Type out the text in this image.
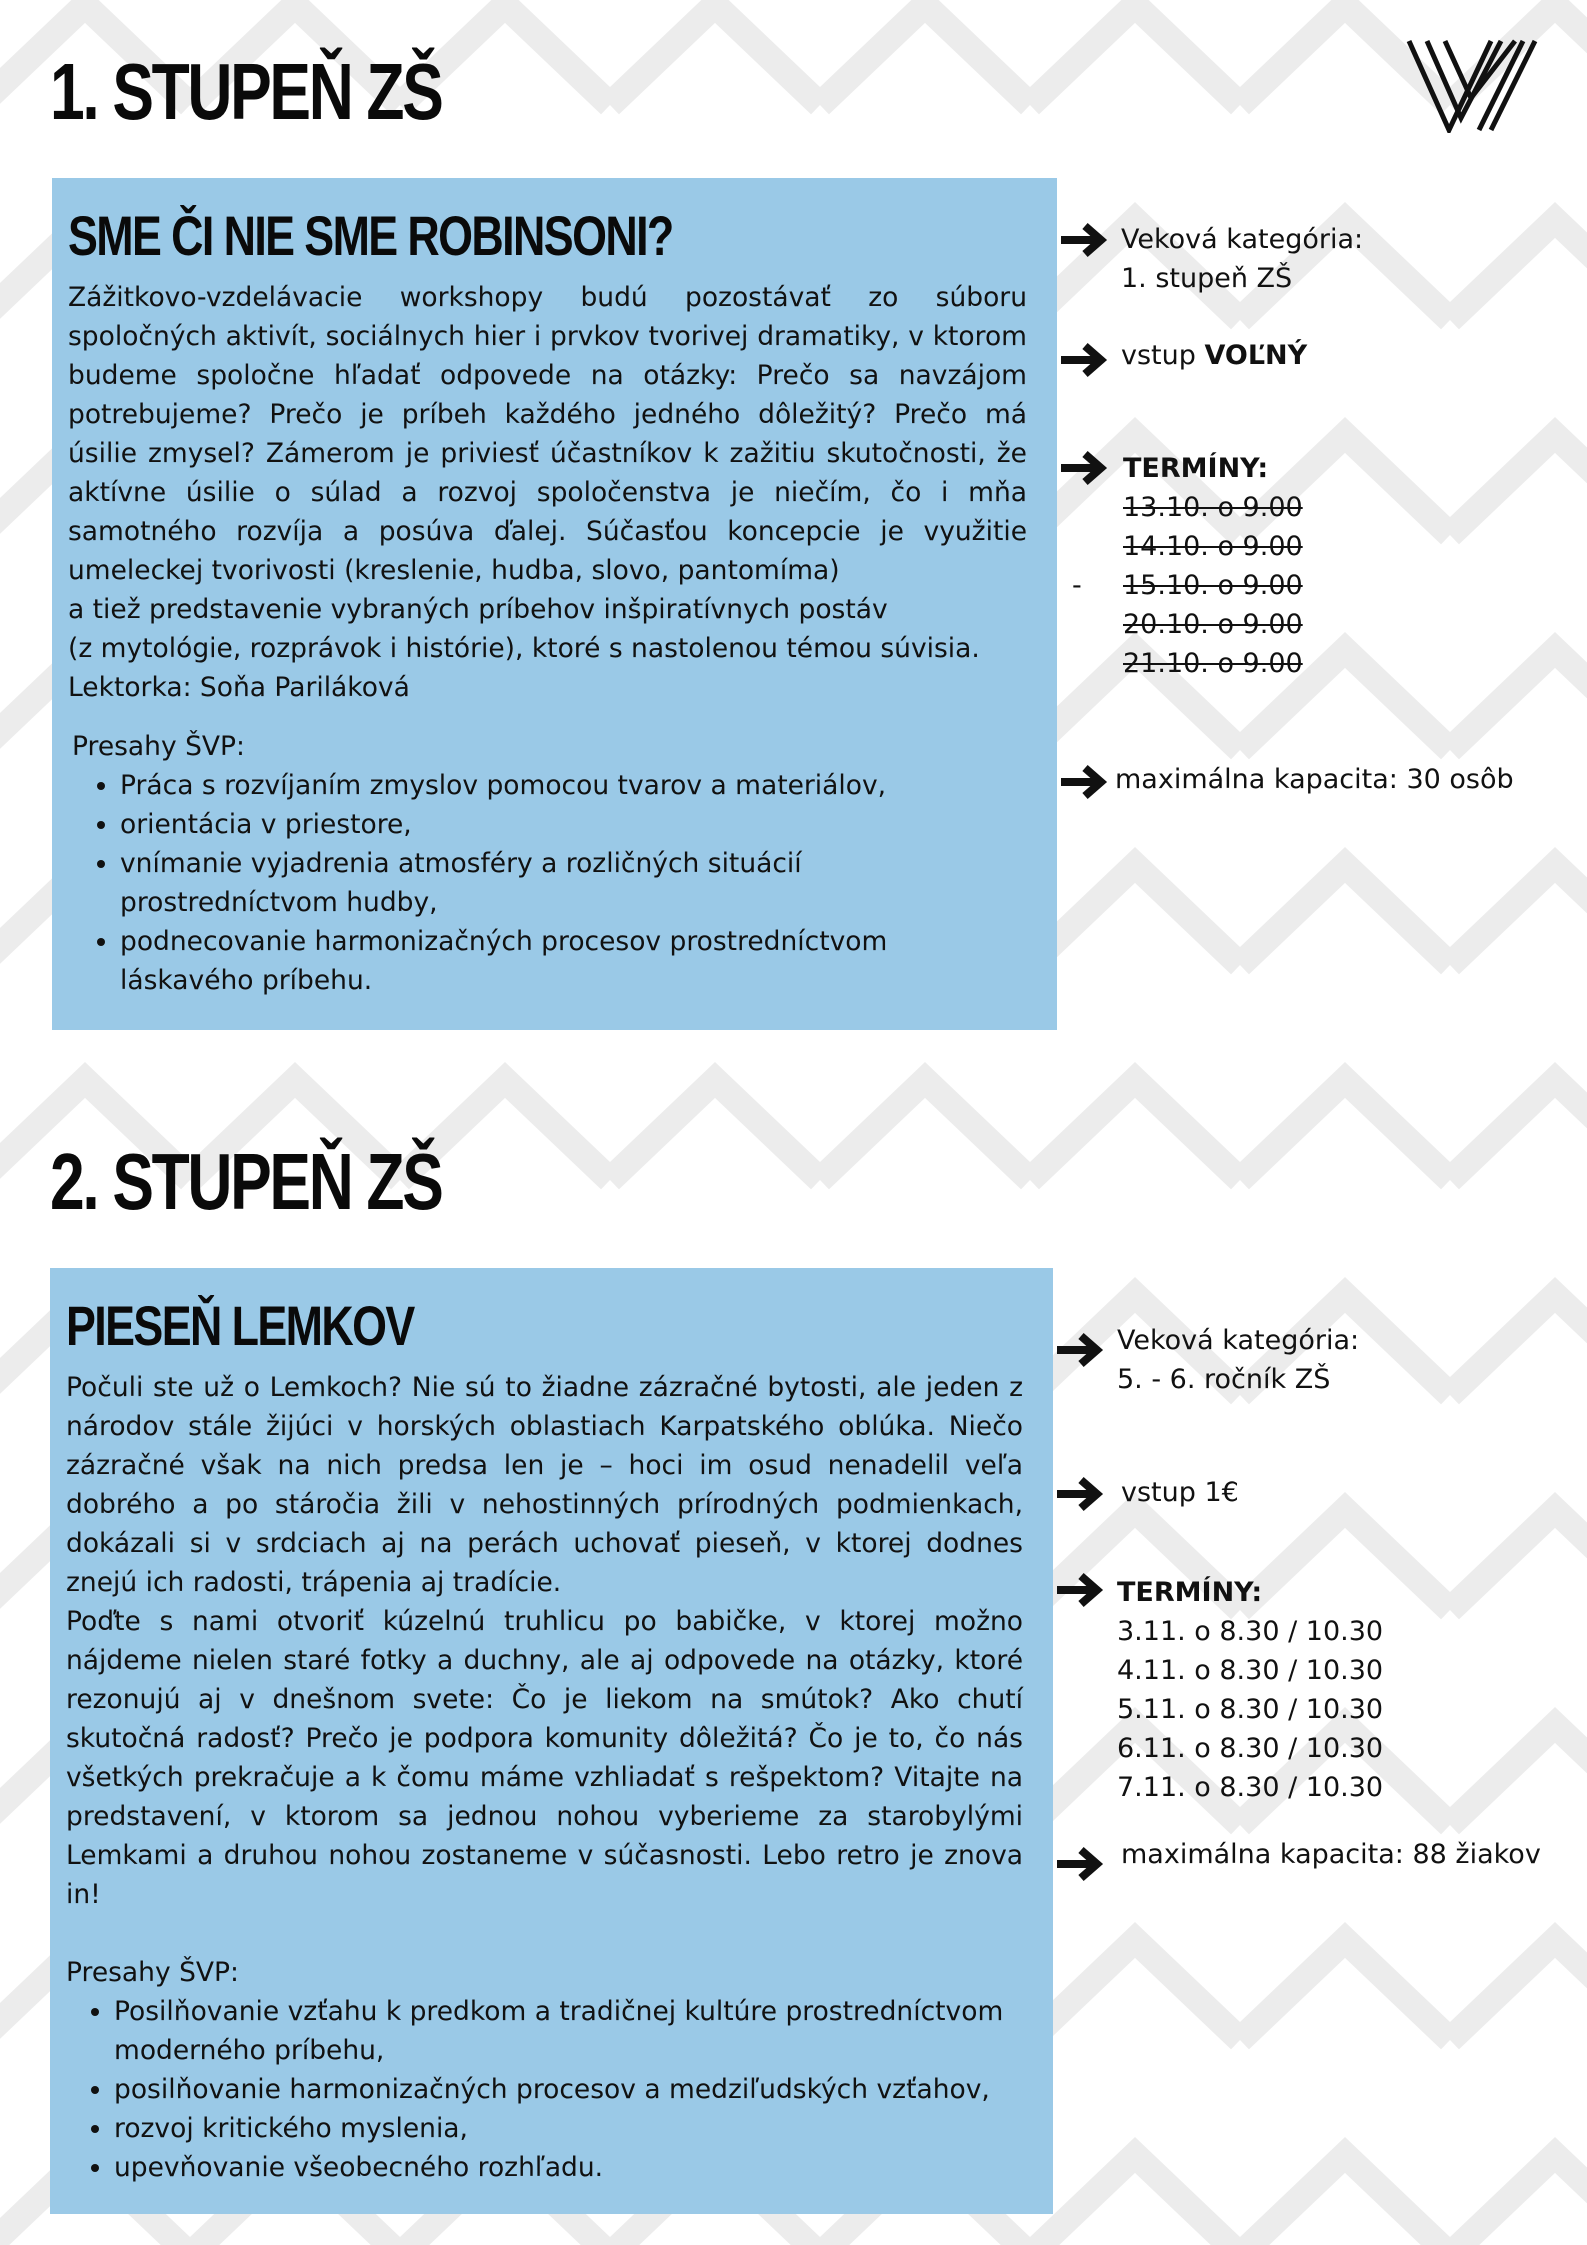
1. STUPEŇ ZŠ
SME ČI NIE SME ROBINSONI?

Zážitkovo-vzdelávacie workshopy budú pozostávať zo súboru spoločných aktivít, sociálnych hier i prvkov tvorivej dramatiky, v ktorom budeme spoločne hľadať odpovede na otázky: Prečo sa navzájom potrebujeme? Prečo je príbeh každého jedného dôležitý? Prečo má úsilie zmysel? Zámerom je priviesť účastníkov k zažitiu skutočnosti, že aktívne úsilie o súlad a rozvoj spoločenstva je niečím, čo i mňa samotného rozvíja a posúva ďalej. Súčasťou koncepcie je využitie umeleckej tvorivosti (kreslenie, hudba, slovo, pantomíma)
a tiež predstavenie vybraných príbehov inšpiratívnych postáv
(z mytológie, rozprávok i histórie), ktoré s nastolenou témou súvisia.
Lektorka: Soňa Pariláková

Presahy ŠVP:

• Práca s rozvíjaním zmyslov pomocou tvarov a materiálov,
• orientácia v priestore,
• vnímanie vyjadrenia atmosféry a rozličných situácií prostredníctvom hudby,
• podnecovanie harmonizačných procesov prostredníctvom láskavého príbehu.
Veková kategória:
1. stupeň ZŠ
vstup VOĽNÝ
TERMÍNY:
13.10. o 9.00
14.10. o 9.00
15.10. o 9.00
20.10. o 9.00
21.10. o 9.00
-
maximálna kapacita: 30 osôb
2. STUPEŇ ZŠ
PIESEŇ LEMKOV

Počuli ste už o Lemkoch? Nie sú to žiadne zázračné bytosti, ale jeden z národov stále žijúci v horských oblastiach Karpatského oblúka. Niečo zázračné však na nich predsa len je – hoci im osud nenadelil veľa dobrého a po stáročia žili v nehostinných prírodných podmienkach, dokázali si v srdciach aj na perách uchovať pieseň, v ktorej dodnes znejú ich radosti, trápenia aj tradície.
Poďte s nami otvoriť kúzelnú truhlicu po babičke, v ktorej možno nájdeme nielen staré fotky a duchny, ale aj odpovede na otázky, ktoré rezonujú aj v dnešnom svete: Čo je liekom na smútok? Ako chutí skutočná radosť? Prečo je podpora komunity dôležitá? Čo je to, čo nás všetkých prekračuje a k čomu máme vzhliadať s rešpektom? Vitajte na predstavení, v ktorom sa jednou nohou vyberieme za starobylými Lemkami a druhou nohou zostaneme v súčasnosti. Lebo retro je znova in!

Presahy ŠVP:

• Posilňovanie vzťahu k predkom a tradičnej kultúre prostredníctvom moderného príbehu,
• posilňovanie harmonizačných procesov a medziľudských vzťahov,
• rozvoj kritického myslenia,
• upevňovanie všeobecného rozhľadu.
Veková kategória:
5. - 6. ročník ZŠ
vstup 1€
TERMÍNY:
3.11. o 8.30 / 10.30
4.11. o 8.30 / 10.30
5.11. o 8.30 / 10.30
6.11. o 8.30 / 10.30
7.11. o 8.30 / 10.30
maximálna kapacita: 88 žiakov
